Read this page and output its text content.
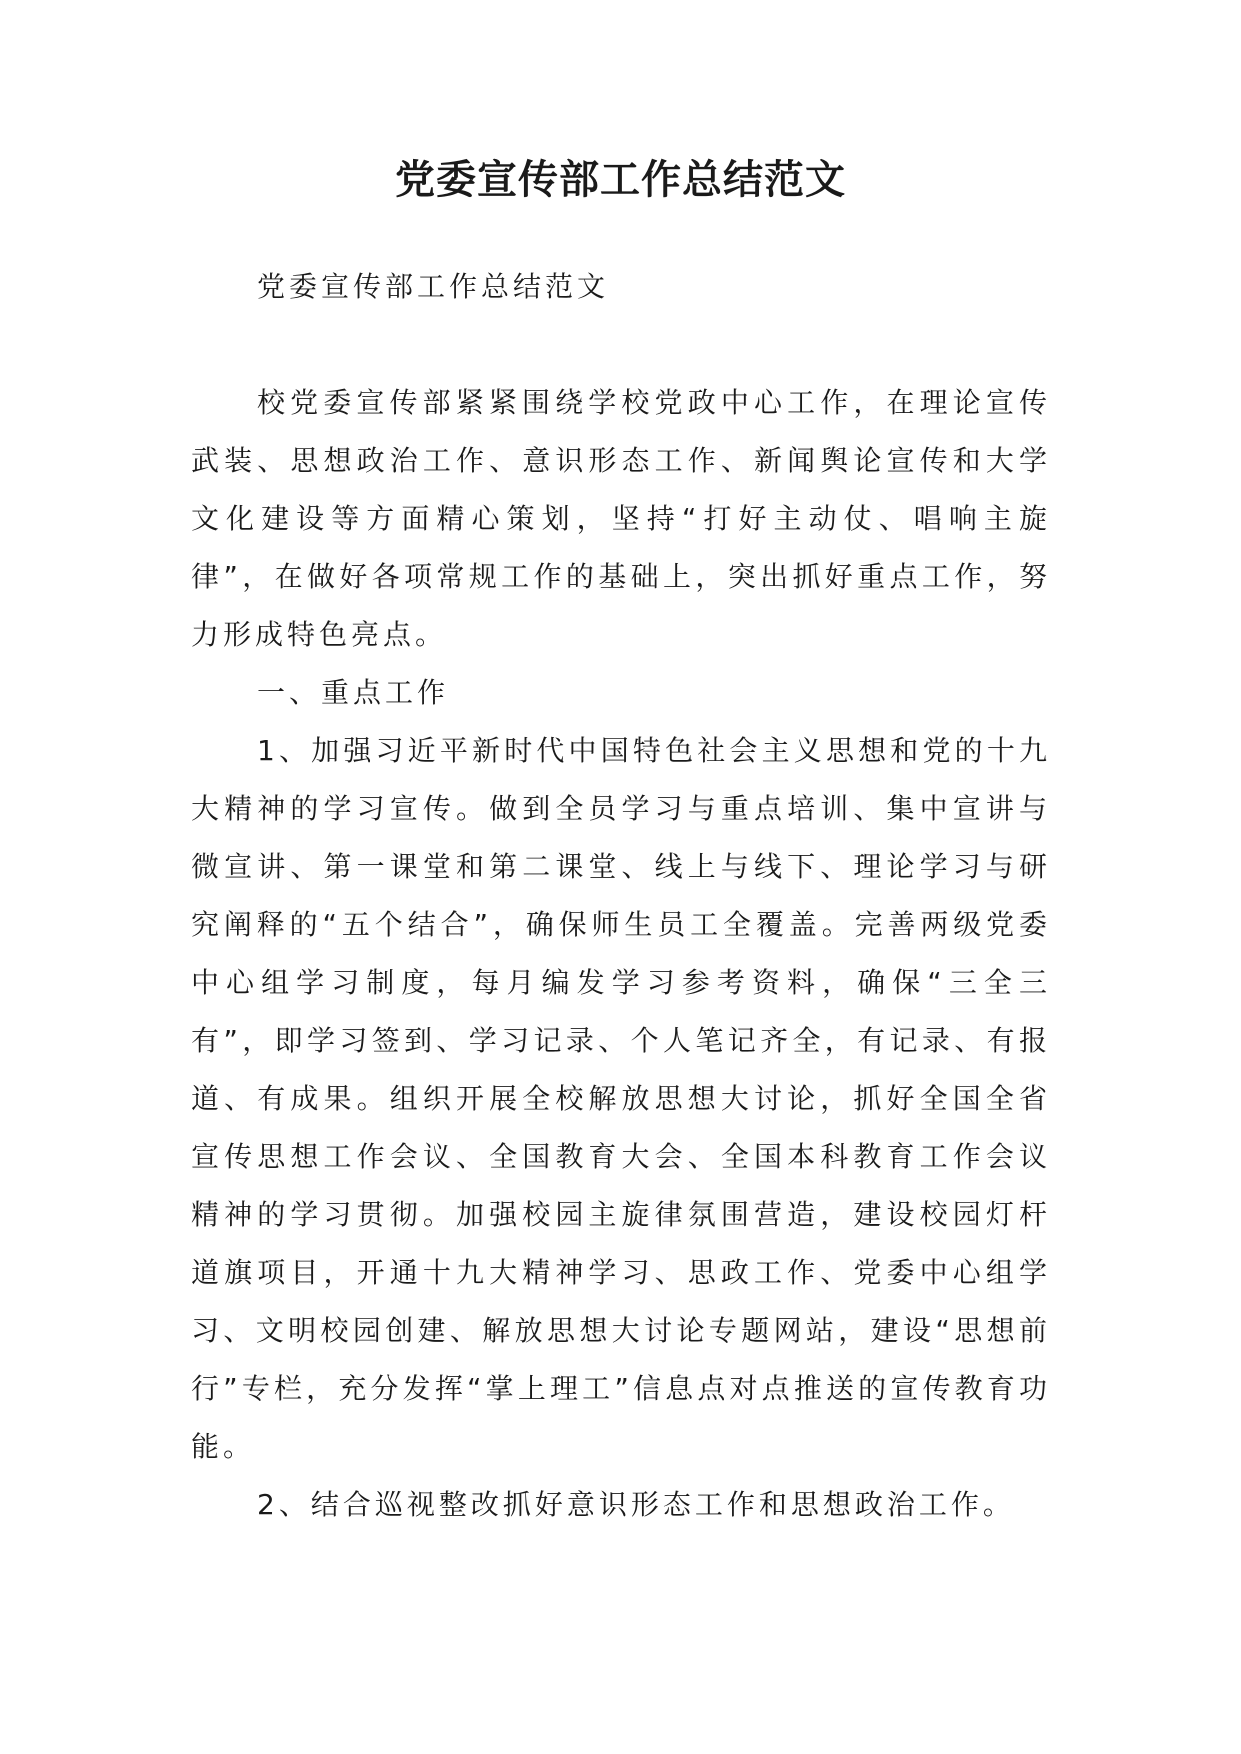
党委宣传部工作总结范文

党委宣传部工作总结范文

校党委宣传部紧紧围绕学校党政中心工作，在理论宣传武装、思想政治工作、意识形态工作、新闻舆论宣传和大学文化建设等方面精心策划，坚持“打好主动仗、唱响主旋律”，在做好各项常规工作的基础上，突出抓好重点工作，努力形成特色亮点。

一、重点工作

1、加强习近平新时代中国特色社会主义思想和党的十九大精神的学习宣传。做到全员学习与重点培训、集中宣讲与微宣讲、第一课堂和第二课堂、线上与线下、理论学习与研究阐释的“五个结合”，确保师生员工全覆盖。完善两级党委中心组学习制度，每月编发学习参考资料，确保“三全三有”，即学习签到、学习记录、个人笔记齐全，有记录、有报道、有成果。组织开展全校解放思想大讨论，抓好全国全省宣传思想工作会议、全国教育大会、全国本科教育工作会议精神的学习贯彻。加强校园主旋律氛围营造，建设校园灯杆道旗项目，开通十九大精神学习、思政工作、党委中心组学习、文明校园创建、解放思想大讨论专题网站，建设“思想前行”专栏，充分发挥“掌上理工”信息点对点推送的宣传教育功能。

2、结合巡视整改抓好意识形态工作和思想政治工作。
